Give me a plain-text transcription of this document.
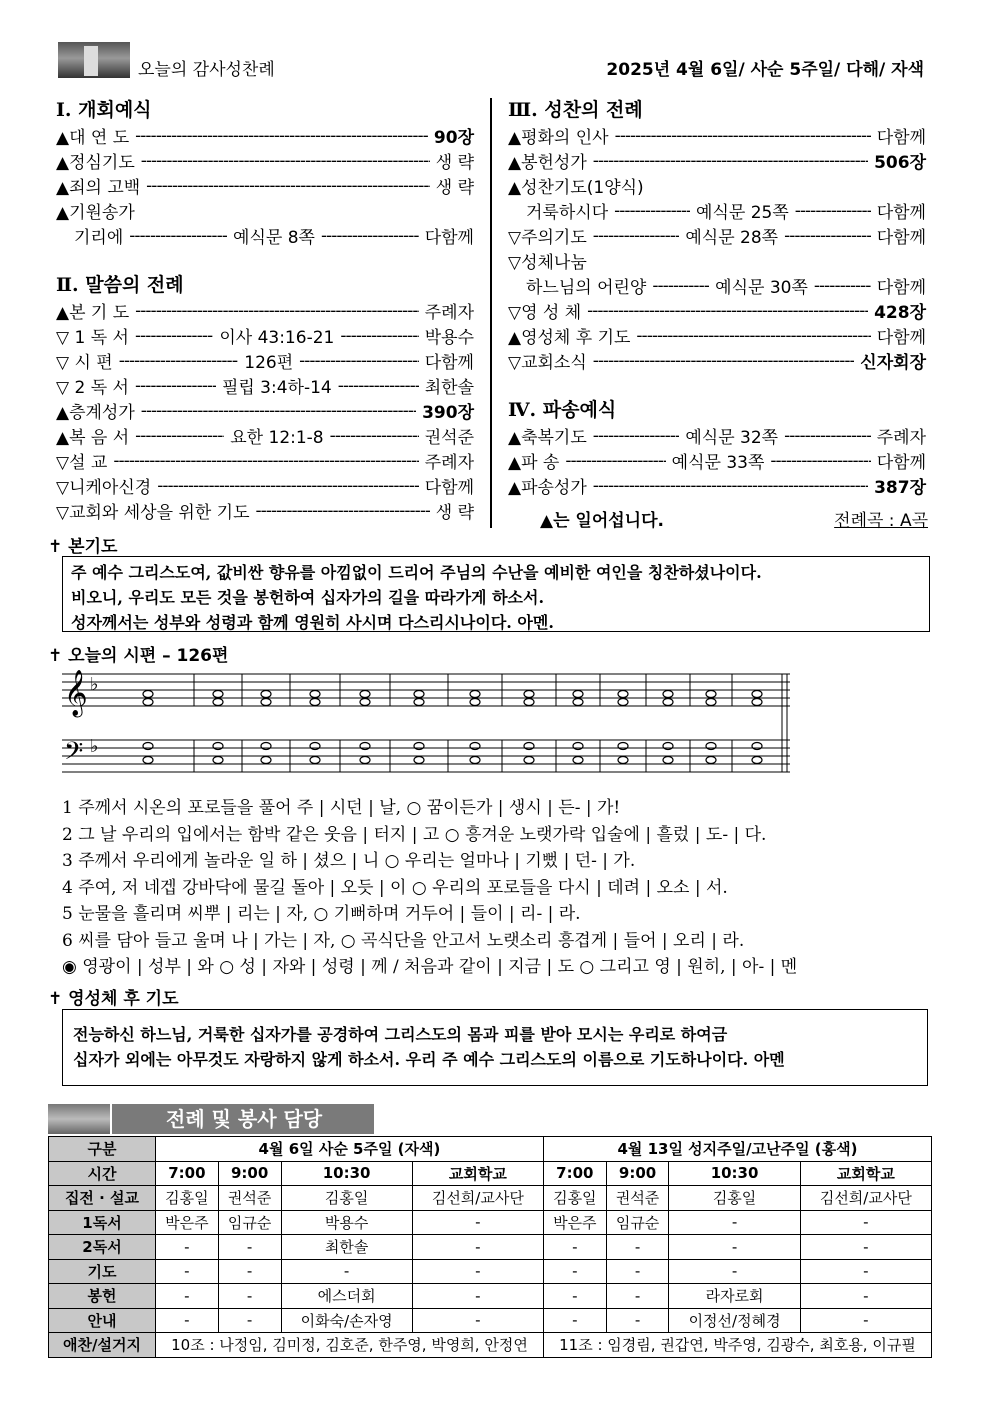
오늘의 감사성찬례	2025년 4월 6일/ 사순 5주일/ 다해/ 자색
Ⅰ. 개회예식
▲대 연 도 -----	90장
▲정심기도 -----	생 략
▲죄의 고백 -----	생 략
▲기원송가
기리에 -----	예식문 8쪽 -----	다함께
Ⅱ. 말씀의 전례
▲본 기 도 -----	주례자
▽ 1 독 서 -----	이사 43:16-21 -----	박용수
▽ 시 편 -----	126편 -----	다함께
▽ 2 독 서 -----	필립 3:4하-14 -----	최한솔
▲층계성가 -----	390장
▲복 음 서 -----	요한 12:1-8 -----	권석준
▽설 교 -----	주례자
▽니케아신경 -----	다함께
▽교회와 세상을 위한 기도 -----	생 략
Ⅲ. 성찬의 전례
▲평화의 인사 -----	다함께
▲봉헌성가 -----	506장
▲성찬기도(1양식)
거룩하시다 -----	예식문 25쪽 -----	다함께
▽주의기도 -----	예식문 28쪽 -----	다함께
▽성체나눔
하느님의 어린양 -----	예식문 30쪽 -----	다함께
▽영 성 체 -----	428장
▲영성체 후 기도 -----	다함께
▽교회소식 -----	신자회장
Ⅳ. 파송예식
▲축복기도 -----	예식문 32쪽 -----	주례자
▲파 송 -----	예식문 33쪽 -----	다함께
▲파송성가 -----	387장
▲는 일어섭니다.	전례곡 : A곡
✝ 본기도

주 예수 그리스도여, 값비싼 향유를 아낌없이 드리어 주님의 수난을 예비한 여인을 칭찬하셨나이다.

비오니, 우리도 모든 것을 봉헌하여 십자가의 길을 따라가게 하소서.

성자께서는 성부와 성령과 함께 영원히 사시며 다스리시나이다. 아멘.

✝ 오늘의 시편 – 126편
𝄞 ♭
𝄢 ♭
1 주께서 시온의 포로들을 풀어 주 | 시던 | 날, ○ 꿈이든가 | 생시 | 든- | 가!
2 그 날 우리의 입에서는 함박 같은 웃음 | 터지 | 고 ○ 흥겨운 노랫가락 입술에 | 흘렀 | 도- | 다.
3 주께서 우리에게 놀라운 일 하 | 셨으 | 니 ○ 우리는 얼마나 | 기뻤 | 던- | 가.
4 주여, 저 네겝 강바닥에 물길 돌아 | 오듯 | 이 ○ 우리의 포로들을 다시 | 데려 | 오소 | 서.
5 눈물을 흘리며 씨뿌 | 리는 | 자, ○ 기뻐하며 거두어 | 들이 | 리- | 라.
6 씨를 담아 들고 울며 나 | 가는 | 자, ○ 곡식단을 안고서 노랫소리 흥겹게 | 들어 | 오리 | 라.
◉ 영광이 | 성부 | 와 ○ 성 | 자와 | 성령 | 께 / 처음과 같이 | 지금 | 도 ○ 그리고 영 | 원히, | 아- | 멘
✝ 영성체 후 기도

전능하신 하느님, 거룩한 십자가를 공경하여 그리스도의 몸과 피를 받아 모시는 우리로 하여금

십자가 외에는 아무것도 자랑하지 않게 하소서. 우리 주 예수 그리스도의 이름으로 기도하나이다. 아멘

전례 및 봉사 담당
구분	4월 6일 사순 5주일 (자색)				4월 13일 성지주일/고난주일 (홍색)			
시간	7:00	9:00	10:30	교회학교	7:00	9:00	10:30	교회학교
집전 · 설교	김홍일	권석준	김홍일	김선희/교사단	김홍일	권석준	김홍일	김선희/교사단
1독서	박은주	임규순	박용수	-	박은주	임규순	-	-
2독서	-	-	최한솔	-	-	-	-	-
기도	-	-	-	-	-	-	-	-
봉헌	-	-	에스더회	-	-	-	라자로회	-
안내	-	-	이화숙/손자영	-	-	-	이정선/정혜경	-
애찬/설거지	10조 : 나정임, 김미정, 김호준, 한주영, 박영희, 안정연				11조 : 임경림, 권갑연, 박주영, 김광수, 최호용, 이규필			
